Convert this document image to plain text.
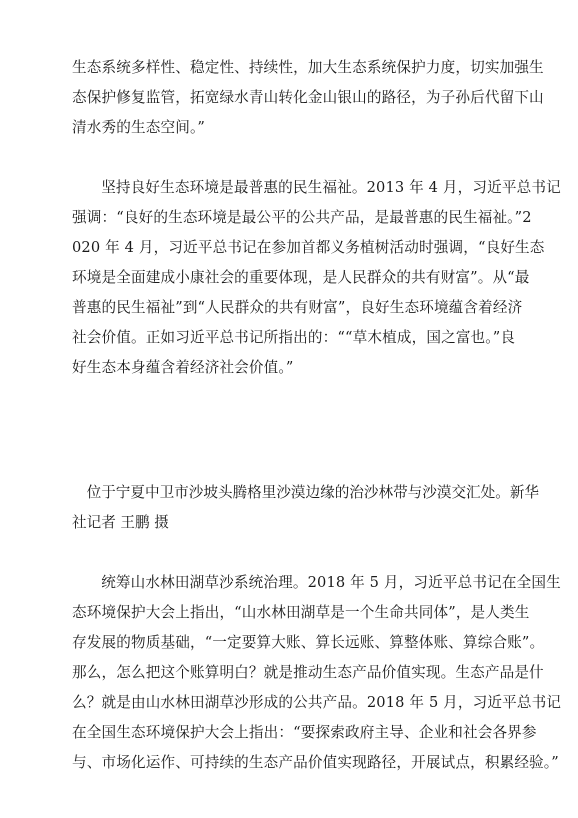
生态系统多样性、稳定性、持续性，加大生态系统保护力度，切实加强生
态保护修复监管，拓宽绿水青山转化金山银山的路径，为子孙后代留下山
清水秀的生态空间。”
坚持良好生态环境是最普惠的民生福祉。2013 年 4 月，习近平总书记
强调：“良好的生态环境是最公平的公共产品，是最普惠的民生福祉。”2
020 年 4 月，习近平总书记在参加首都义务植树活动时强调，“良好生态
环境是全面建成小康社会的重要体现，是人民群众的共有财富”。从“最
普惠的民生福祉”到“人民群众的共有财富”，良好生态环境蕴含着经济
社会价值。正如习近平总书记所指出的：““草木植成，国之富也。”良
好生态本身蕴含着经济社会价值。”
位于宁夏中卫市沙坡头腾格里沙漠边缘的治沙林带与沙漠交汇处。新华
社记者 王鹏 摄
统筹山水林田湖草沙系统治理。2018 年 5 月，习近平总书记在全国生
态环境保护大会上指出，“山水林田湖草是一个生命共同体”，是人类生
存发展的物质基础，“一定要算大账、算长远账、算整体账、算综合账”。
那么，怎么把这个账算明白？就是推动生态产品价值实现。生态产品是什
么？就是由山水林田湖草沙形成的公共产品。2018 年 5 月，习近平总书记
在全国生态环境保护大会上指出：“要探索政府主导、企业和社会各界参
与、市场化运作、可持续的生态产品价值实现路径，开展试点，积累经验。”
